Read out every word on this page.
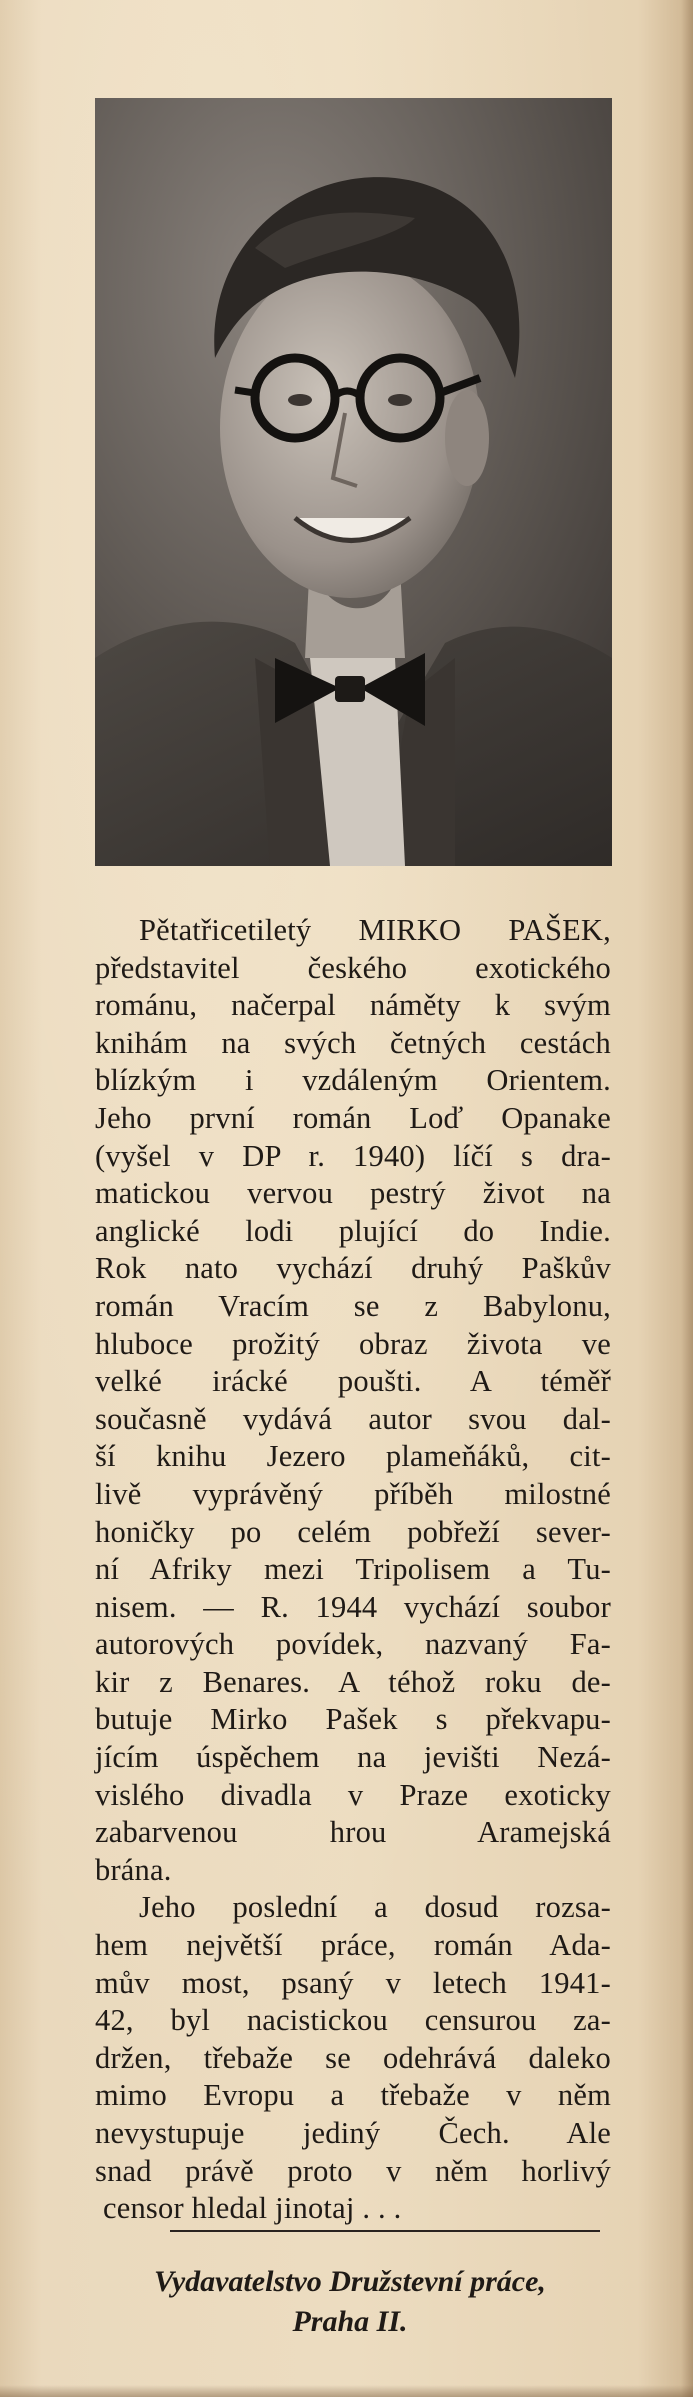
Pětatřicetiletý MIRKO PAŠEK,
představitel českého exotického
románu, načerpal náměty k svým
knihám na svých četných cestách
blízkým i vzdáleným Orientem.
Jeho první román Loď Opanake
(vyšel v DP r. 1940) líčí s dra-
matickou vervou pestrý život na
anglické lodi plující do Indie.
Rok nato vychází druhý Paškův
román Vracím se z Babylonu,
hluboce prožitý obraz života ve
velké irácké poušti. A téměř
současně vydává autor svou dal-
ší knihu Jezero plameňáků, cit-
livě vyprávěný příběh milostné
honičky po celém pobřeží sever-
ní Afriky mezi Tripolisem a Tu-
nisem. — R. 1944 vychází soubor
autorových povídek, nazvaný Fa-
kir z Benares. A téhož roku de-
butuje Mirko Pašek s překvapu-
jícím úspěchem na jevišti Nezá-
vislého divadla v Praze exoticky
zabarvenou hrou Aramejská
brána.
Jeho poslední a dosud rozsa-
hem největší práce, román Ada-
mův most, psaný v letech 1941-
42, byl nacistickou censurou za-
držen, třebaže se odehrává daleko
mimo Evropu a třebaže v něm
nevystupuje jediný Čech. Ale
snad právě proto v něm horlivý
censor hledal jinotaj . . .
Vydavatelstvo Družstevní práce,
Praha II.
